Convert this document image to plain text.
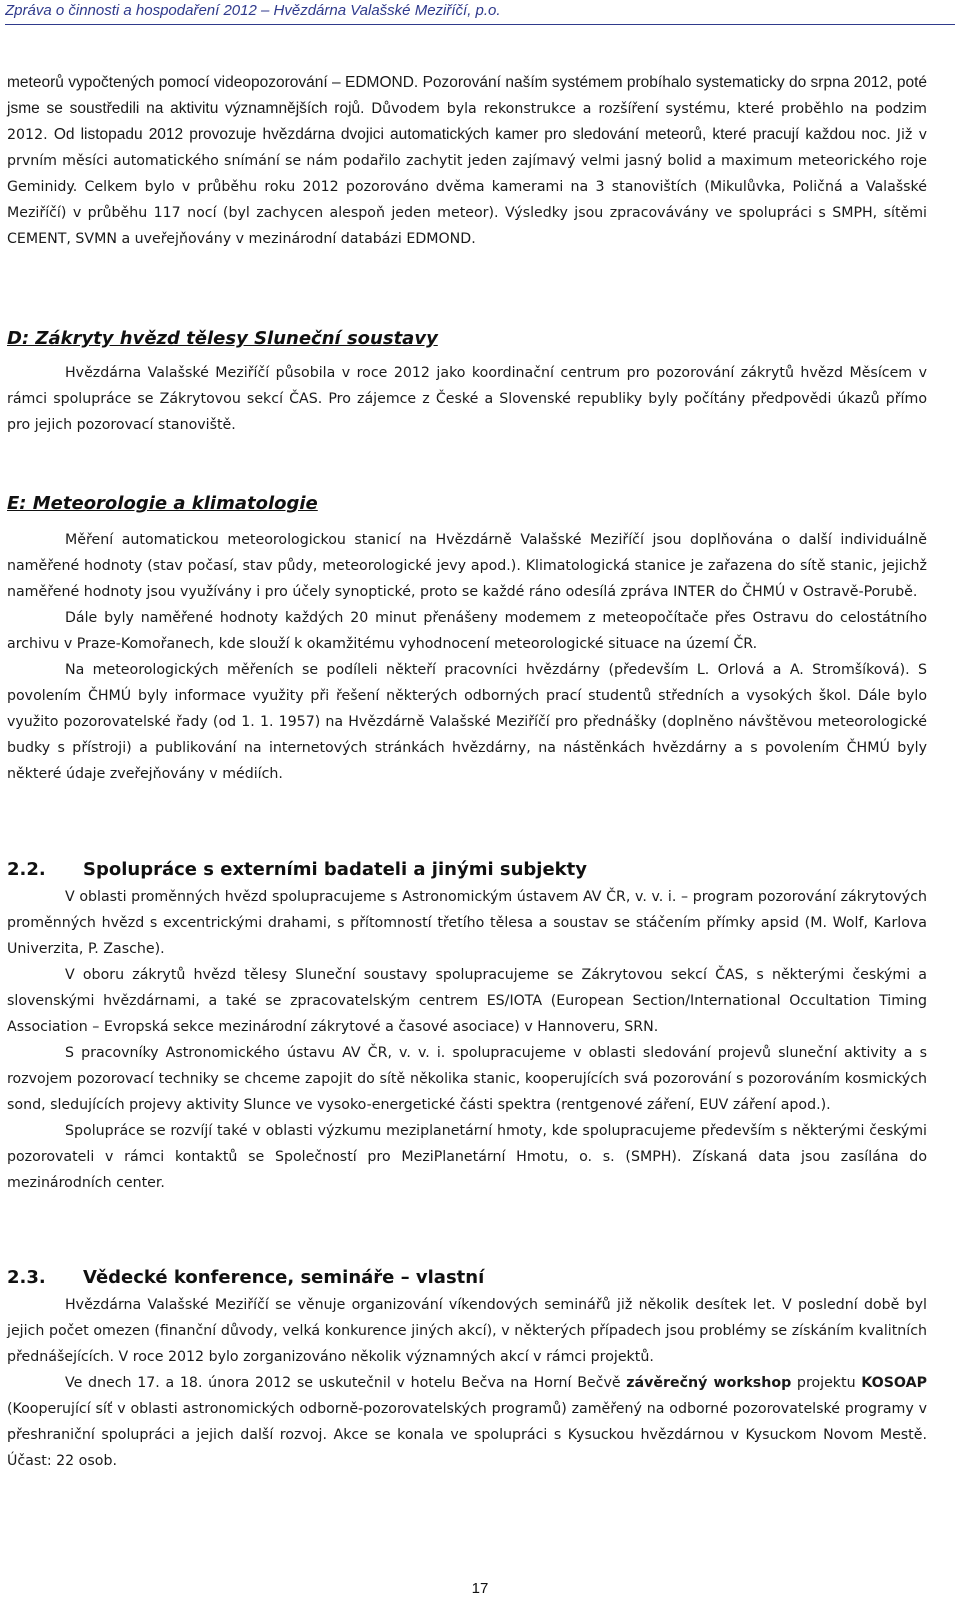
Zpráva o činnosti a hospodaření 2012 – Hvězdárna Valašské Meziříčí, p.o.
meteorů vypočtených pomocí videopozorování – EDMOND. Pozorování naším systémem probíhalo systematicky do srpna 2012, poté jsme se soustředili na aktivitu významnějších rojů. Důvodem byla rekonstrukce a rozšíření systému, které proběhlo na podzim 2012. Od listopadu 2012 provozuje hvězdárna dvojici automatických kamer pro sledování meteorů, které pracují každou noc. Již v prvním měsíci automatického snímání se nám podařilo zachytit jeden zajímavý velmi jasný bolid a maximum meteorického roje Geminidy. Celkem bylo v průběhu roku 2012 pozorováno dvěma kamerami na 3 stanovištích (Mikulůvka, Poličná a Valašské Meziříčí) v průběhu 117 nocí (byl zachycen alespoň jeden meteor). Výsledky jsou zpracovávány ve spolupráci s SMPH, sítěmi CEMENT, SVMN a uveřejňovány v mezinárodní databázi EDMOND.
D: Zákryty hvězd tělesy Sluneční soustavy

Hvězdárna Valašské Meziříčí působila v roce 2012 jako koordinační centrum pro pozorování zákrytů hvězd Měsícem v rámci spolupráce se Zákrytovou sekcí ČAS. Pro zájemce z České a Slovenské republiky byly počítány předpovědi úkazů přímo pro jejich pozorovací stanoviště.

E: Meteorologie a klimatologie

Měření automatickou meteorologickou stanicí na Hvězdárně Valašské Meziříčí jsou doplňována o další individuálně naměřené hodnoty (stav počasí, stav půdy, meteorologické jevy apod.). Klimatologická stanice je zařazena do sítě stanic, jejichž naměřené hodnoty jsou využívány i pro účely synoptické, proto se každé ráno odesílá zpráva INTER do ČHMÚ v Ostravě-Porubě.

Dále byly naměřené hodnoty každých 20 minut přenášeny modemem z meteopočítače přes Ostravu do celostátního archivu v Praze-Komořanech, kde slouží k okamžitému vyhodnocení meteorologické situace na území ČR.

Na meteorologických měřeních se podíleli někteří pracovníci hvězdárny (především L. Orlová a A. Stromšíková). S povolením ČHMÚ byly informace využity při řešení některých odborných prací studentů středních a vysokých škol. Dále bylo využito pozorovatelské řady (od 1. 1. 1957) na Hvězdárně Valašské Meziříčí pro přednášky (doplněno návštěvou meteorologické budky s přístroji) a publikování na internetových stránkách hvězdárny, na nástěnkách hvězdárny a s povolením ČHMÚ byly některé údaje zveřejňovány v médiích.

2.2. Spolupráce s externími badateli a jinými subjekty

V oblasti proměnných hvězd spolupracujeme s Astronomickým ústavem AV ČR, v. v. i. – program pozorování zákrytových proměnných hvězd s excentrickými drahami, s přítomností třetího tělesa a soustav se stáčením přímky apsid (M. Wolf, Karlova Univerzita, P. Zasche).

V oboru zákrytů hvězd tělesy Sluneční soustavy spolupracujeme se Zákrytovou sekcí ČAS, s některými českými a slovenskými hvězdárnami, a také se zpracovatelským centrem ES/IOTA (European Section/International Occultation Timing Association – Evropská sekce mezinárodní zákrytové a časové asociace) v Hannoveru, SRN.

S pracovníky Astronomického ústavu AV ČR, v. v. i. spolupracujeme v oblasti sledování projevů sluneční aktivity a s rozvojem pozorovací techniky se chceme zapojit do sítě několika stanic, kooperujících svá pozorování s pozorováním kosmických sond, sledujících projevy aktivity Slunce ve vysoko-energetické části spektra (rentgenové záření, EUV záření apod.).

Spolupráce se rozvíjí také v oblasti výzkumu meziplanetární hmoty, kde spolupracujeme především s některými českými pozorovateli v rámci kontaktů se Společností pro MeziPlanetární Hmotu, o. s. (SMPH). Získaná data jsou zasílána do mezinárodních center.

2.3. Vědecké konference, semináře – vlastní

Hvězdárna Valašské Meziříčí se věnuje organizování víkendových seminářů již několik desítek let. V poslední době byl jejich počet omezen (finanční důvody, velká konkurence jiných akcí), v některých případech jsou problémy se získáním kvalitních přednášejících. V roce 2012 bylo zorganizováno několik významných akcí v rámci projektů.

Ve dnech 17. a 18. února 2012 se uskutečnil v hotelu Bečva na Horní Bečvě závěrečný workshop projektu KOSOAP (Kooperující síť v oblasti astronomických odborně-pozorovatelských programů) zaměřený na odborné pozorovatelské programy v přeshraniční spolupráci a jejich další rozvoj. Akce se konala ve spolupráci s Kysuckou hvězdárnou v Kysuckom Novom Mestě. Účast: 22 osob.

17
